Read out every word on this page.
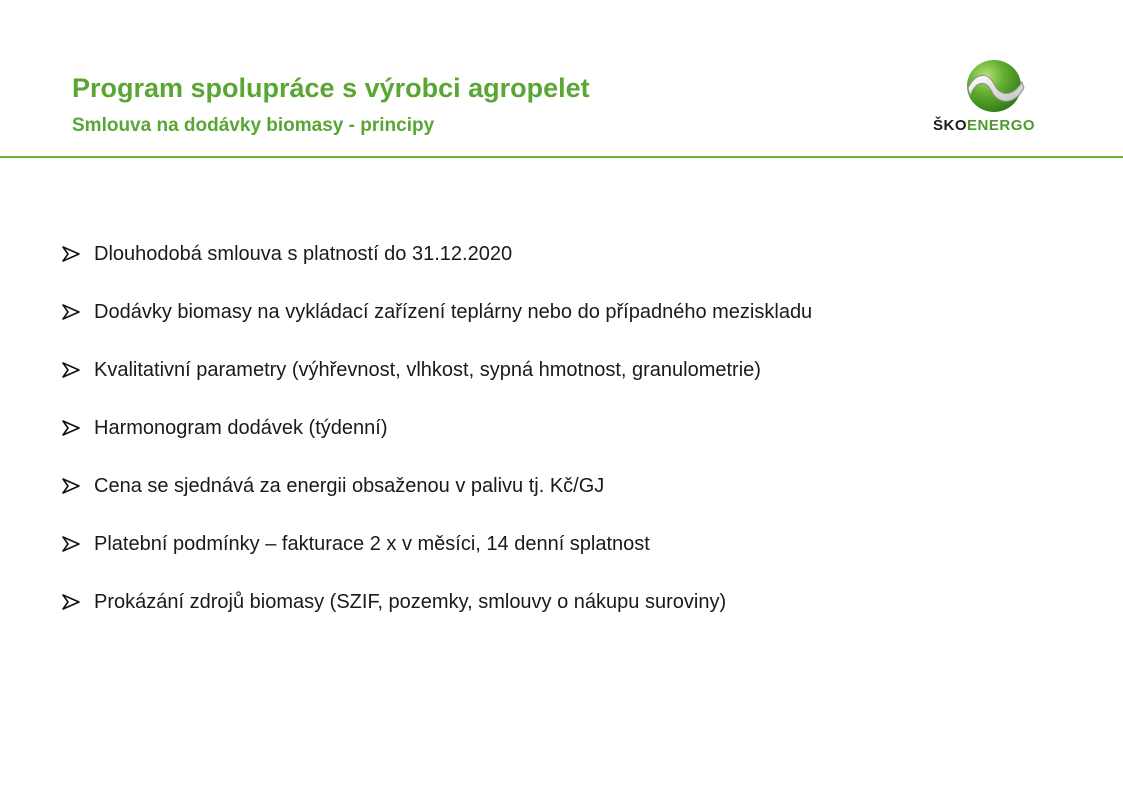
Program spolupráce s výrobci agropelet
Smlouva na dodávky biomasy - principy	ŠKOENERGO
Dlouhodobá smlouva s platností do 31.12.2020
Dodávky biomasy na vykládací zařízení teplárny nebo do případného meziskladu
Kvalitativní parametry (výhřevnost, vlhkost, sypná hmotnost, granulometrie)
Harmonogram dodávek (týdenní)
Cena se sjednává za energii obsaženou v palivu tj. Kč/GJ
Platební podmínky – fakturace 2 x v měsíci, 14 denní splatnost
Prokázání zdrojů biomasy (SZIF, pozemky, smlouvy o nákupu suroviny)
